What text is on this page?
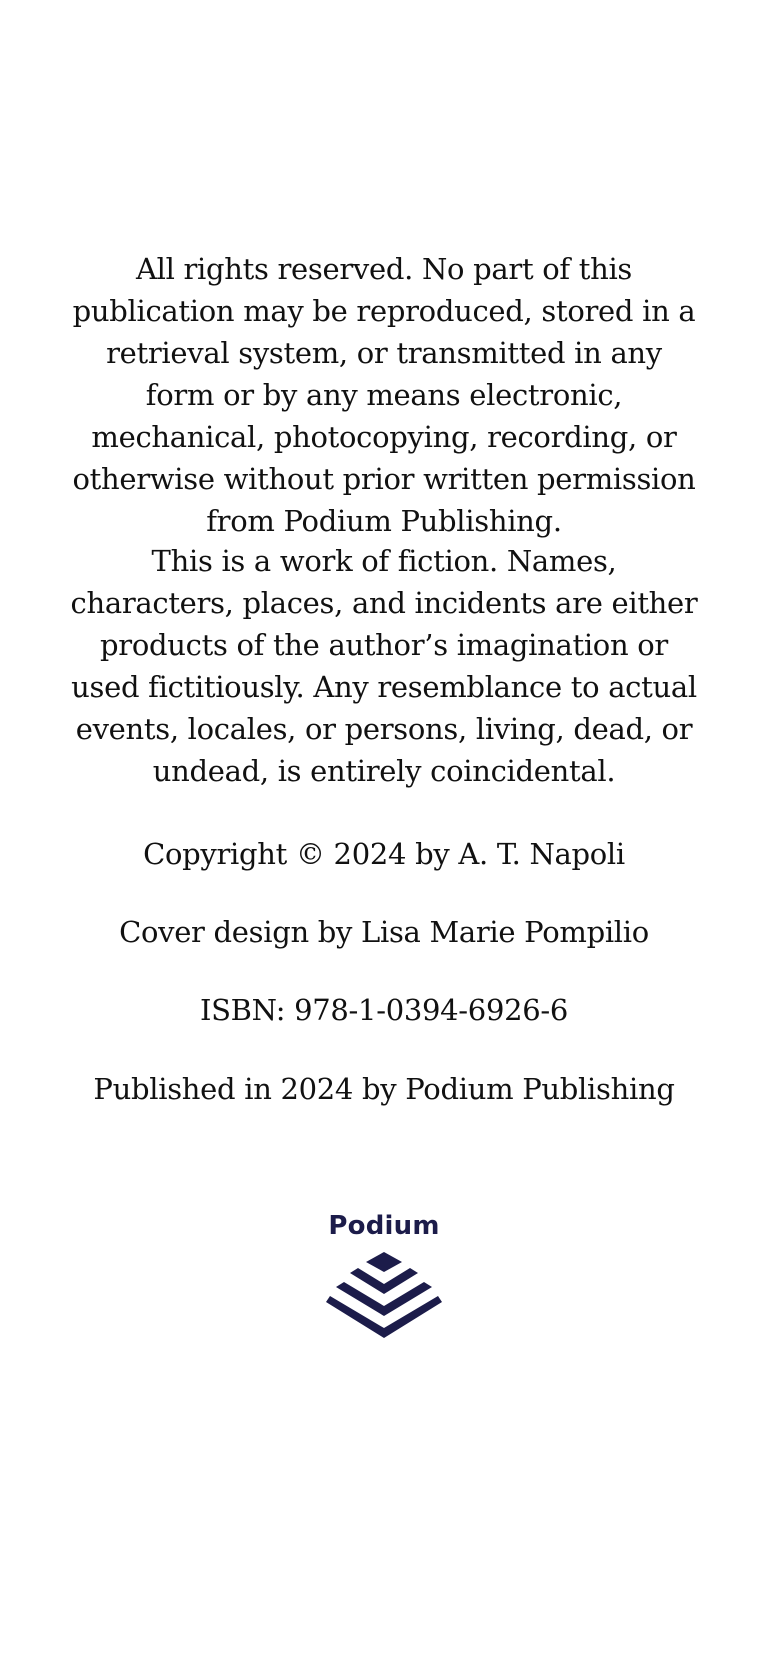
All rights reserved. No part of this publication may be reproduced, stored in a retrieval system, or transmitted in any form or by any means electronic, mechanical, photocopying, recording, or otherwise without prior written permission from Podium Publishing.

This is a work of fiction. Names, characters, places, and incidents are either products of the author’s imagination or used fictitiously. Any resemblance to actual events, locales, or persons, living, dead, or undead, is entirely coincidental.

Copyright © 2024 by A. T. Napoli

Cover design by Lisa Marie Pompilio

ISBN: 978-1-0394-6926-6

Published in 2024 by Podium Publishing

Podium
